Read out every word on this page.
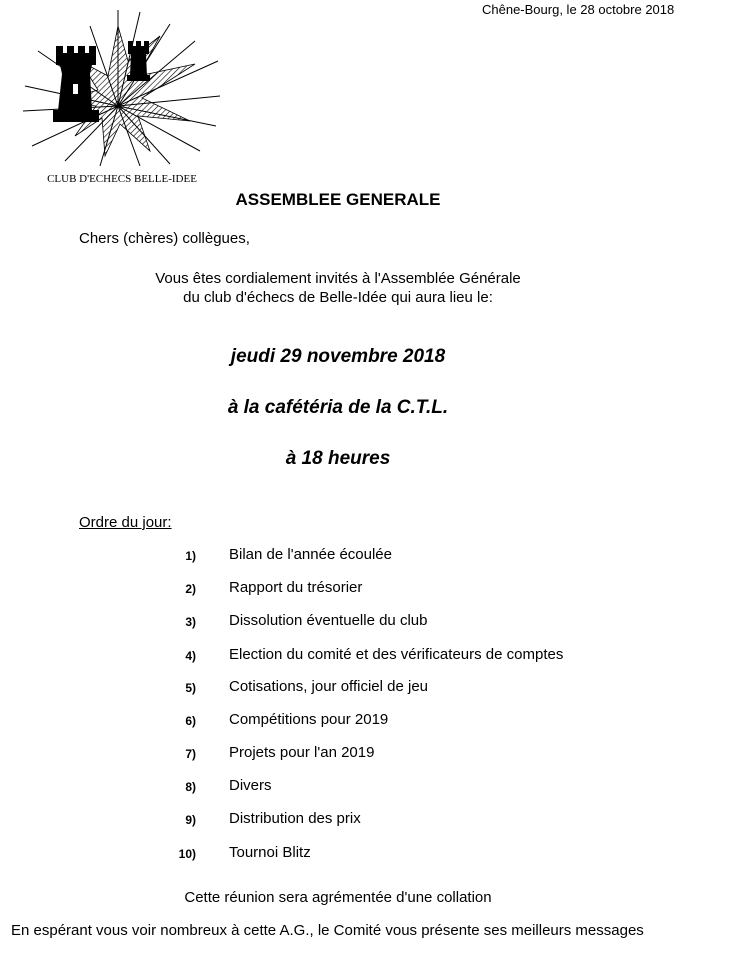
Chêne-Bourg, le 28 octobre 2018
CLUB D'ECHECS BELLE-IDEE
ASSEMBLEE GENERALE
Chers (chères) collègues,
Vous êtes cordialement invités à l'Assemblée Générale
du club d'échecs de Belle-Idée qui aura lieu le:
jeudi 29 novembre 2018
à la cafétéria de la C.T.L.
à 18 heures
Ordre du jour:
1) Bilan de l'année écoulée
2) Rapport du trésorier
3) Dissolution éventuelle du club
4) Election du comité et des vérificateurs de comptes
5) Cotisations, jour officiel de jeu
6) Compétitions pour 2019
7) Projets pour l'an 2019
8) Divers
9) Distribution des prix
10) Tournoi Blitz
Cette réunion sera agrémentée d'une collation
En espérant vous voir nombreux à cette A.G., le Comité vous présente ses meilleurs messages
